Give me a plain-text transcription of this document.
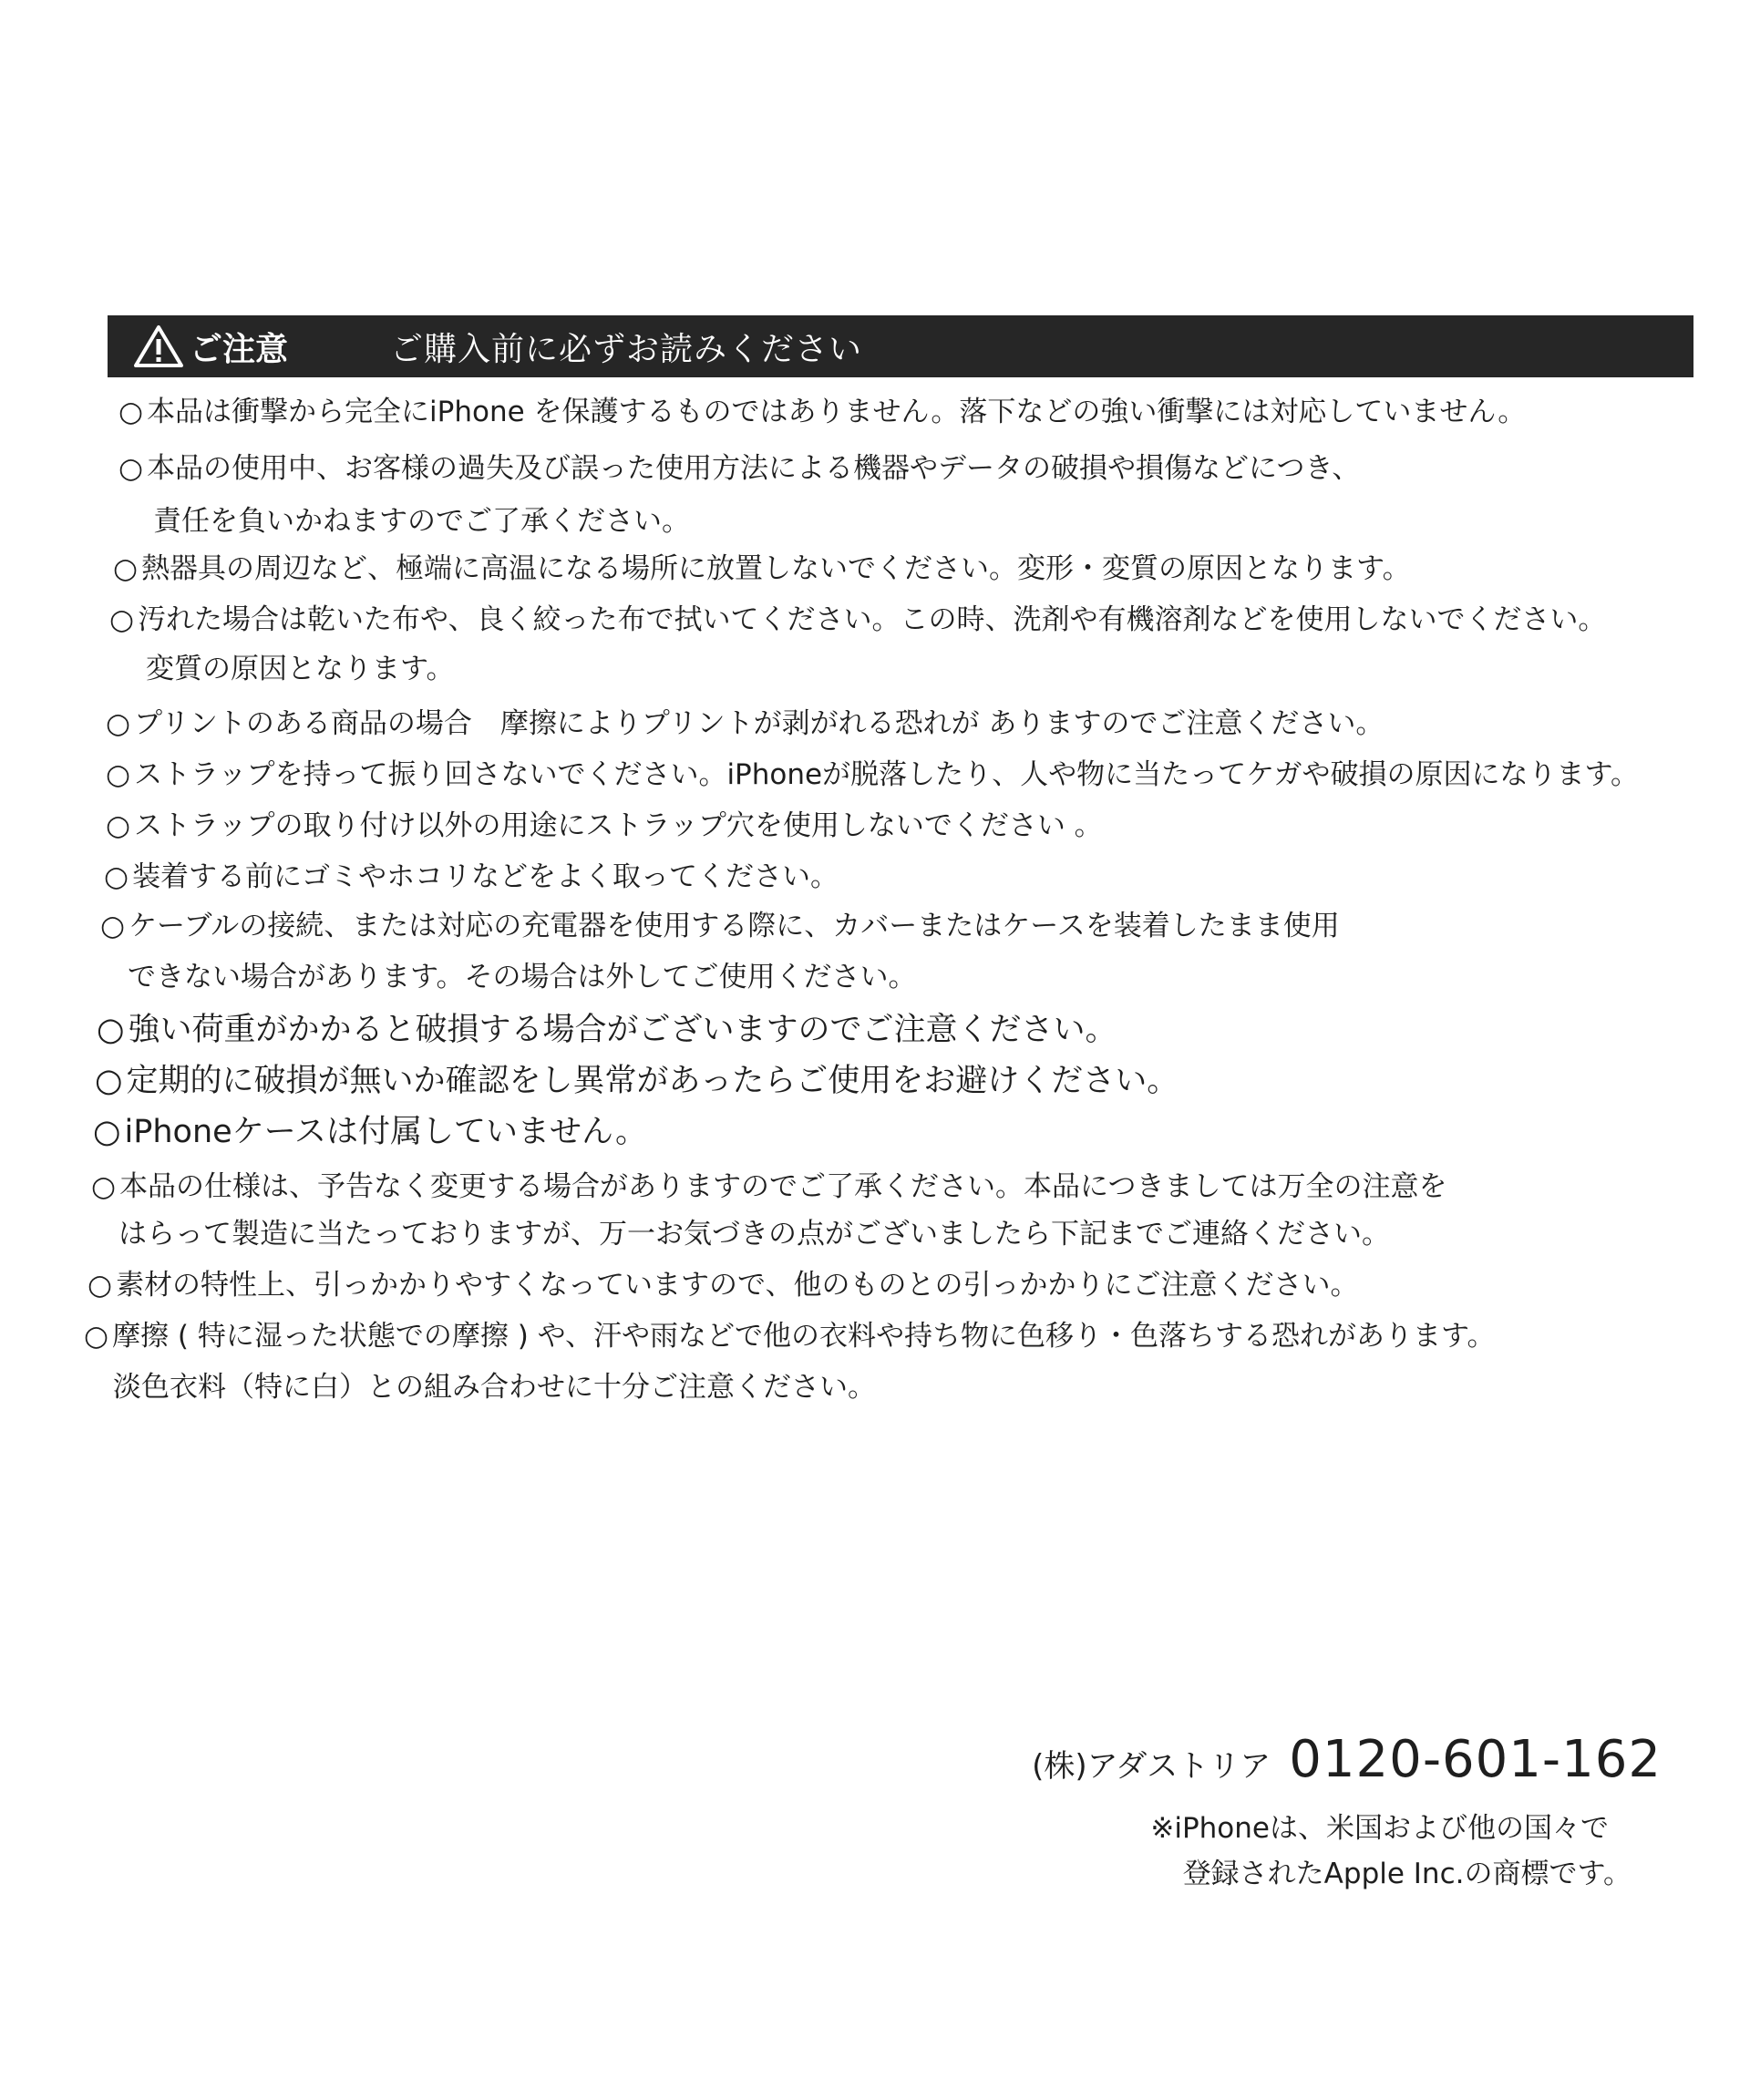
ご注意	ご購入前に必ずお読みください
○ 本品は衝撃から完全にiPhone を保護するものではありません。落下などの強い衝撃には対応していません。
○ 本品の使用中、お客様の過失及び誤った使用方法による機器やデータの破損や損傷などにつき、
責任を負いかねますのでご了承ください。
○ 熱器具の周辺など、極端に高温になる場所に放置しないでください。変形・変質の原因となります。
○ 汚れた場合は乾いた布や、良く絞った布で拭いてください。この時、洗剤や有機溶剤などを使用しないでください。
変質の原因となります。
○ プリントのある商品の場合　摩擦によりプリントが剥がれる恐れが ありますのでご注意ください。
○ ストラップを持って振り回さないでください。iPhoneが脱落したり、人や物に当たってケガや破損の原因になります。
○ ストラップの取り付け以外の用途にストラップ穴を使用しないでください 。
○ 装着する前にゴミやホコリなどをよく取ってください。
○ ケーブルの接続、または対応の充電器を使用する際に、カバーまたはケースを装着したまま使用
できない場合があります。その場合は外してご使用ください。
○ 強い荷重がかかると破損する場合がございますのでご注意ください。
○ 定期的に破損が無いか確認をし異常があったらご使用をお避けください。
○ iPhoneケースは付属していません。
○ 本品の仕様は、予告なく変更する場合がありますのでご了承ください。本品につきましては万全の注意を
はらって製造に当たっておりますが、万一お気づきの点がございましたら下記までご連絡ください。
○ 素材の特性上、引っかかりやすくなっていますので、他のものとの引っかかりにご注意ください。
○ 摩擦 ( 特に湿った状態での摩擦 ) や、汗や雨などで他の衣料や持ち物に色移り・色落ちする恐れがあります。
淡色衣料（特に白）との組み合わせに十分ご注意ください。
(株)アダストリア 0120-601-162
※iPhoneは、米国および他の国々で
登録されたApple Inc.の商標です。
